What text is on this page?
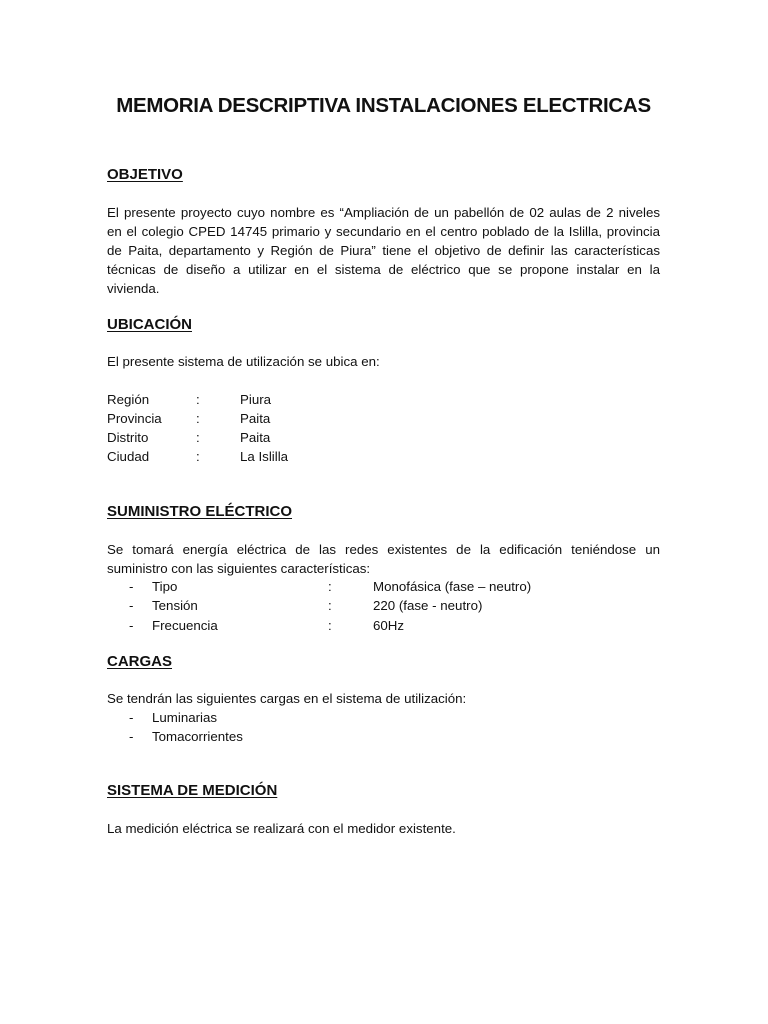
MEMORIA DESCRIPTIVA INSTALACIONES ELECTRICAS
OBJETIVO
El presente proyecto cuyo nombre es “Ampliación de un pabellón de 02 aulas de 2 niveles
en el colegio CPED 14745 primario y secundario en el centro poblado de la Islilla, provincia
de Paita, departamento y Región de Piura” tiene el objetivo de definir las características
técnicas de diseño a utilizar en el sistema de eléctrico que se propone instalar en la
vivienda.
UBICACIÓN
El presente sistema de utilización se ubica en:
Región	:	Piura
Provincia	:	Paita
Distrito	:	Paita
Ciudad	:	La Islilla
SUMINISTRO ELÉCTRICO
Se tomará energía eléctrica de las redes existentes de la edificación teniéndose un
suministro con las siguientes características:
- Tipo	:	Monofásica (fase – neutro)
- Tensión	:	220 (fase - neutro)
- Frecuencia	:	60Hz
CARGAS
Se tendrán las siguientes cargas en el sistema de utilización:
- Luminarias
- Tomacorrientes
SISTEMA DE MEDICIÓN
La medición eléctrica se realizará con el medidor existente.
